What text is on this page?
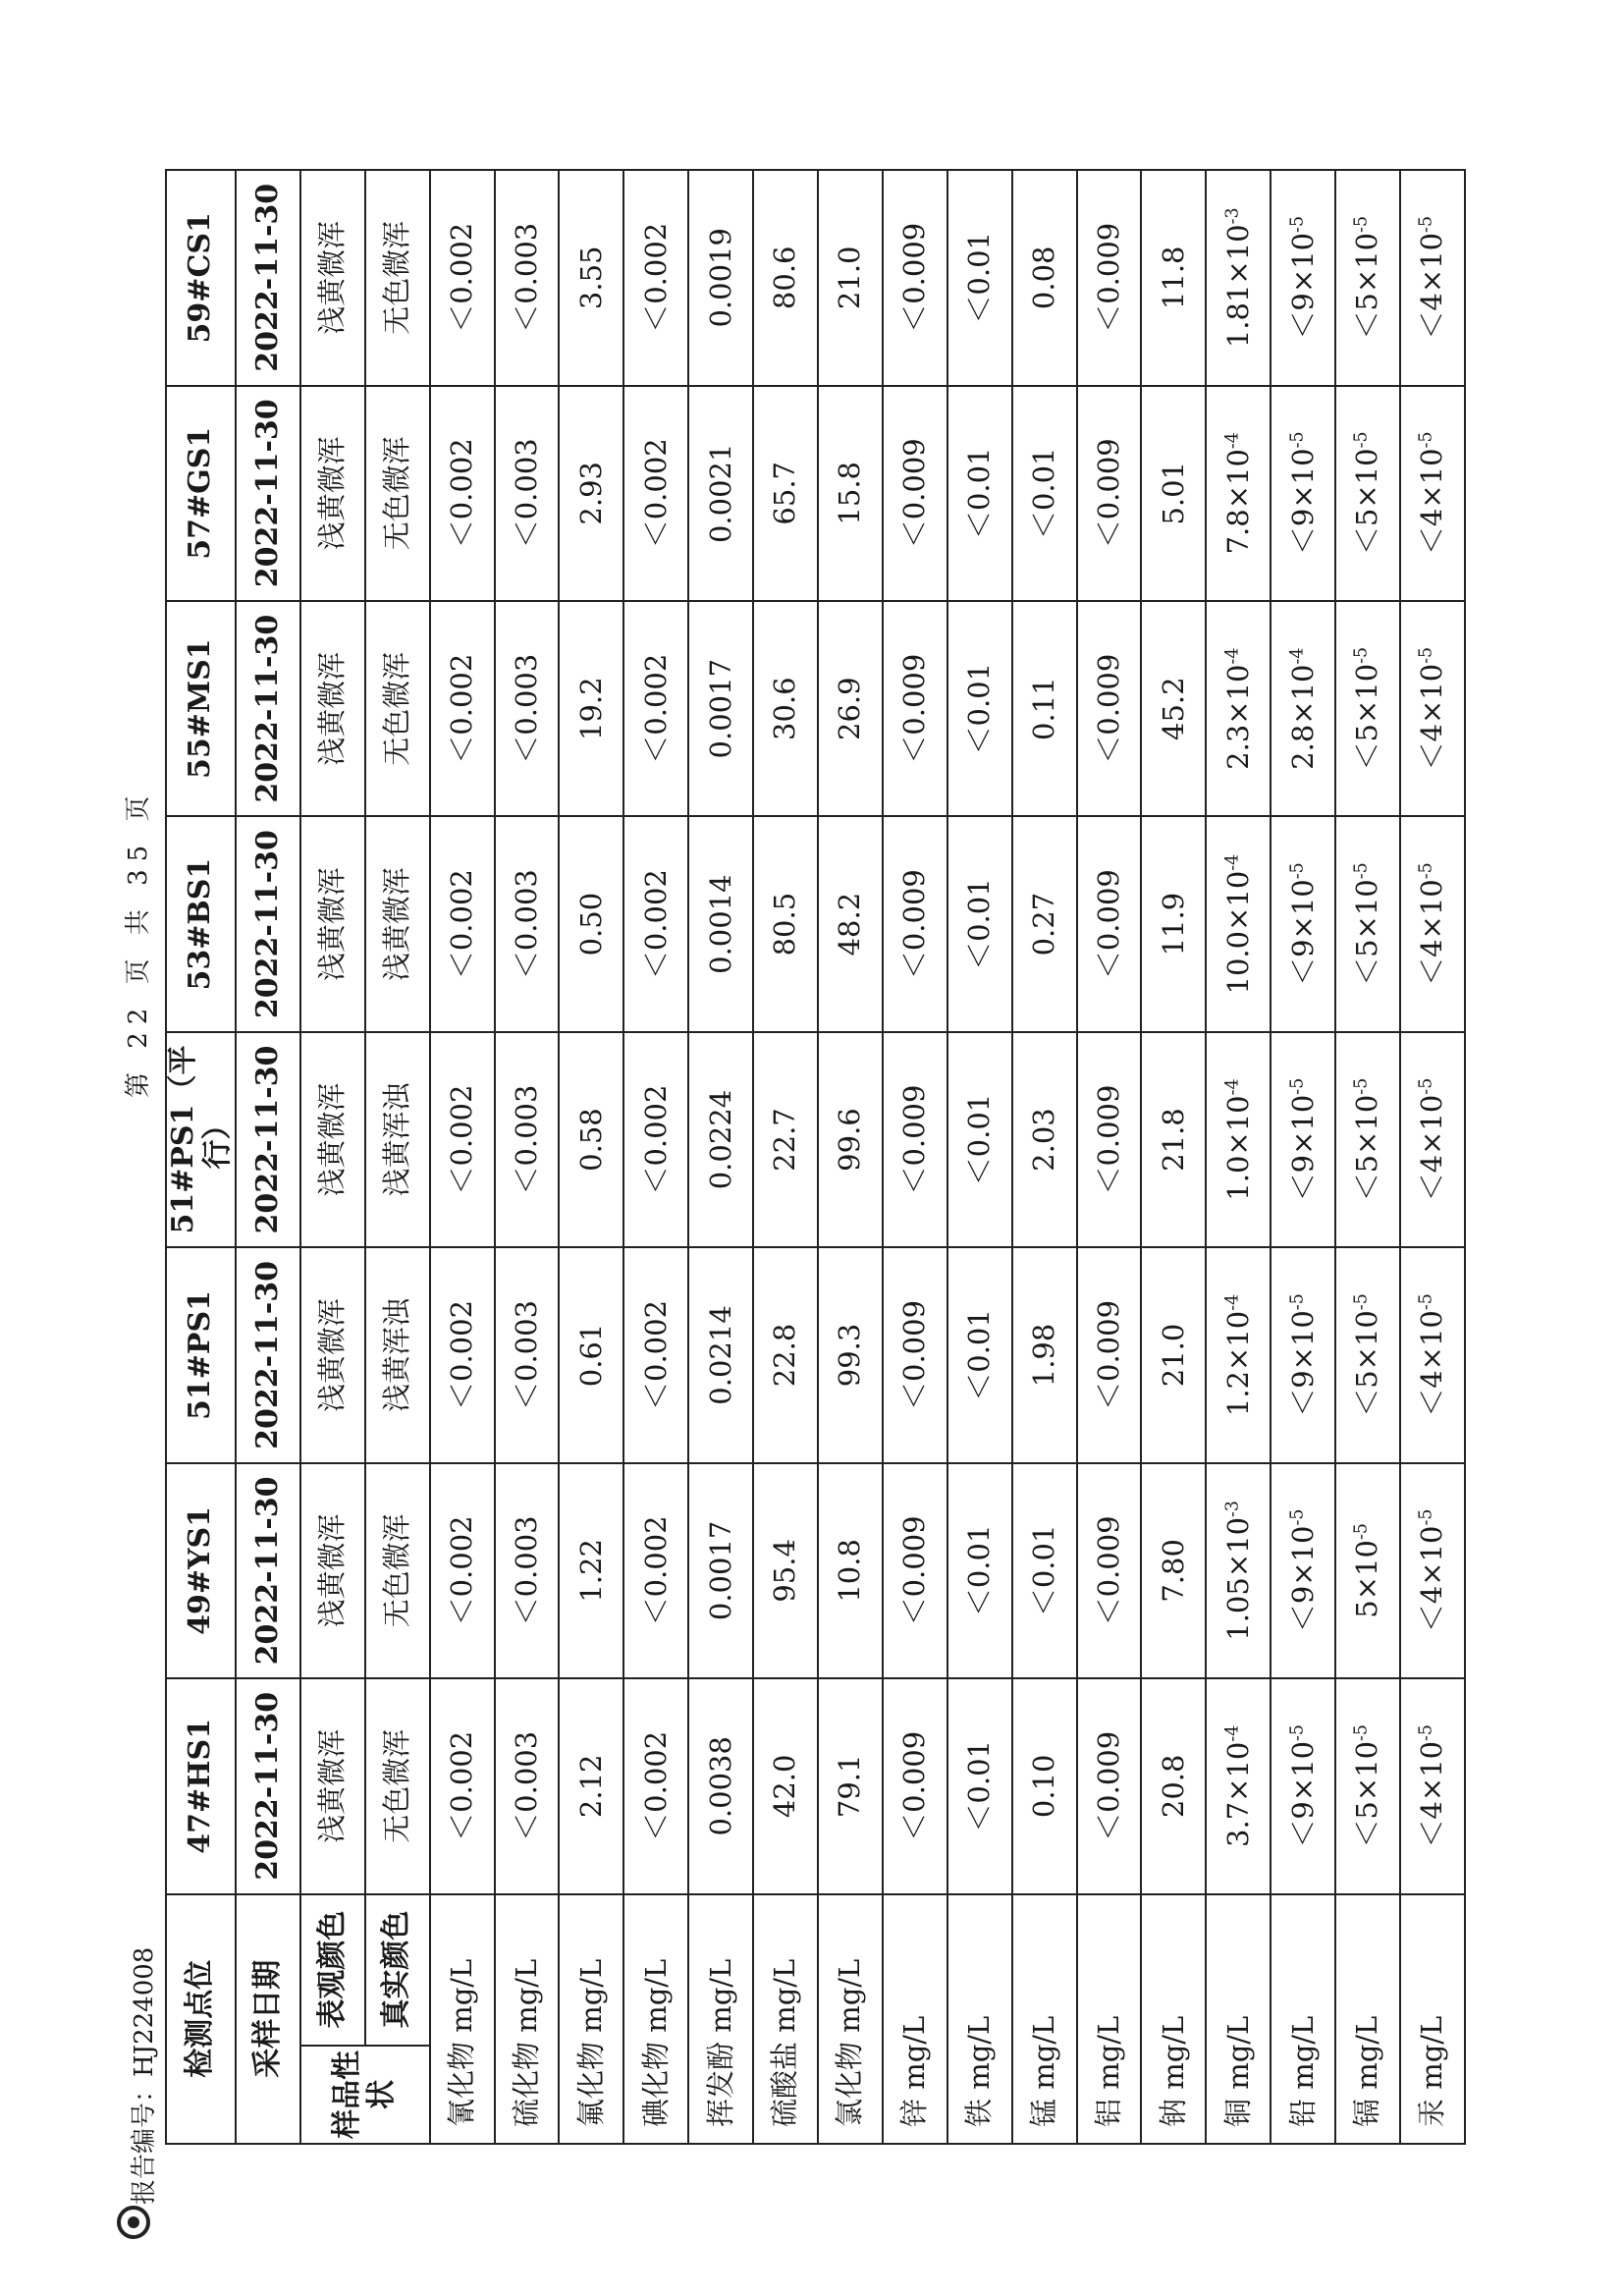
报告编号：HJ224008
第 22 页 共 35 页
检测点位		47#HS1	49#YS1	51#PS1	51#PS1（平行）	53#BS1	55#MS1	57#GS1	59#CS1
采样日期		2022-11-30	2022-11-30	2022-11-30	2022-11-30	2022-11-30	2022-11-30	2022-11-30	2022-11-30
样品性状	表观颜色	浅黄微浑	浅黄微浑	浅黄微浑	浅黄微浑	浅黄微浑	浅黄微浑	浅黄微浑	浅黄微浑
	真实颜色	无色微浑	无色微浑	浅黄浑浊	浅黄浑浊	浅黄微浑	无色微浑	无色微浑	无色微浑
氰化物 mg/L		＜0.002	＜0.002	＜0.002	＜0.002	＜0.002	＜0.002	＜0.002	＜0.002
硫化物 mg/L		＜0.003	＜0.003	＜0.003	＜0.003	＜0.003	＜0.003	＜0.003	＜0.003
氟化物 mg/L		2.12	1.22	0.61	0.58	0.50	19.2	2.93	3.55
碘化物 mg/L		＜0.002	＜0.002	＜0.002	＜0.002	＜0.002	＜0.002	＜0.002	＜0.002
挥发酚 mg/L		0.0038	0.0017	0.0214	0.0224	0.0014	0.0017	0.0021	0.0019
硫酸盐 mg/L		42.0	95.4	22.8	22.7	80.5	30.6	65.7	80.6
氯化物 mg/L		79.1	10.8	99.3	99.6	48.2	26.9	15.8	21.0
锌 mg/L		＜0.009	＜0.009	＜0.009	＜0.009	＜0.009	＜0.009	＜0.009	＜0.009
铁 mg/L		＜0.01	＜0.01	＜0.01	＜0.01	＜0.01	＜0.01	＜0.01	＜0.01
锰 mg/L		0.10	＜0.01	1.98	2.03	0.27	0.11	＜0.01	0.08
铝 mg/L		＜0.009	＜0.009	＜0.009	＜0.009	＜0.009	＜0.009	＜0.009	＜0.009
钠 mg/L		20.8	7.80	21.0	21.8	11.9	45.2	5.01	11.8
铜 mg/L		$3.7\times 10^{-4}$	$1.05\times 10^{-3}$	$1.2\times 10^{-4}$	$1.0\times 10^{-4}$	$10.0\times 10^{-4}$	$2.3\times 10^{-4}$	$7.8\times 10^{-4}$	$1.81\times 10^{-3}$
铅 mg/L		$<9\times 10^{-5}$	$<9\times 10^{-5}$	$<9\times 10^{-5}$	$<9\times 10^{-5}$	$<9\times 10^{-5}$	$2.8\times 10^{-4}$	$<9\times 10^{-5}$	$<9\times 10^{-5}$
镉 mg/L		$<5\times 10^{-5}$	$5\times 10^{-5}$	$<5\times 10^{-5}$	$<5\times 10^{-5}$	$<5\times 10^{-5}$	$<5\times 10^{-5}$	$<5\times 10^{-5}$	$<5\times 10^{-5}$
汞 mg/L		$<4\times 10^{-5}$	$<4\times 10^{-5}$	$<4\times 10^{-5}$	$<4\times 10^{-5}$	$<4\times 10^{-5}$	$<4\times 10^{-5}$	$<4\times 10^{-5}$	$<4\times 10^{-5}$
